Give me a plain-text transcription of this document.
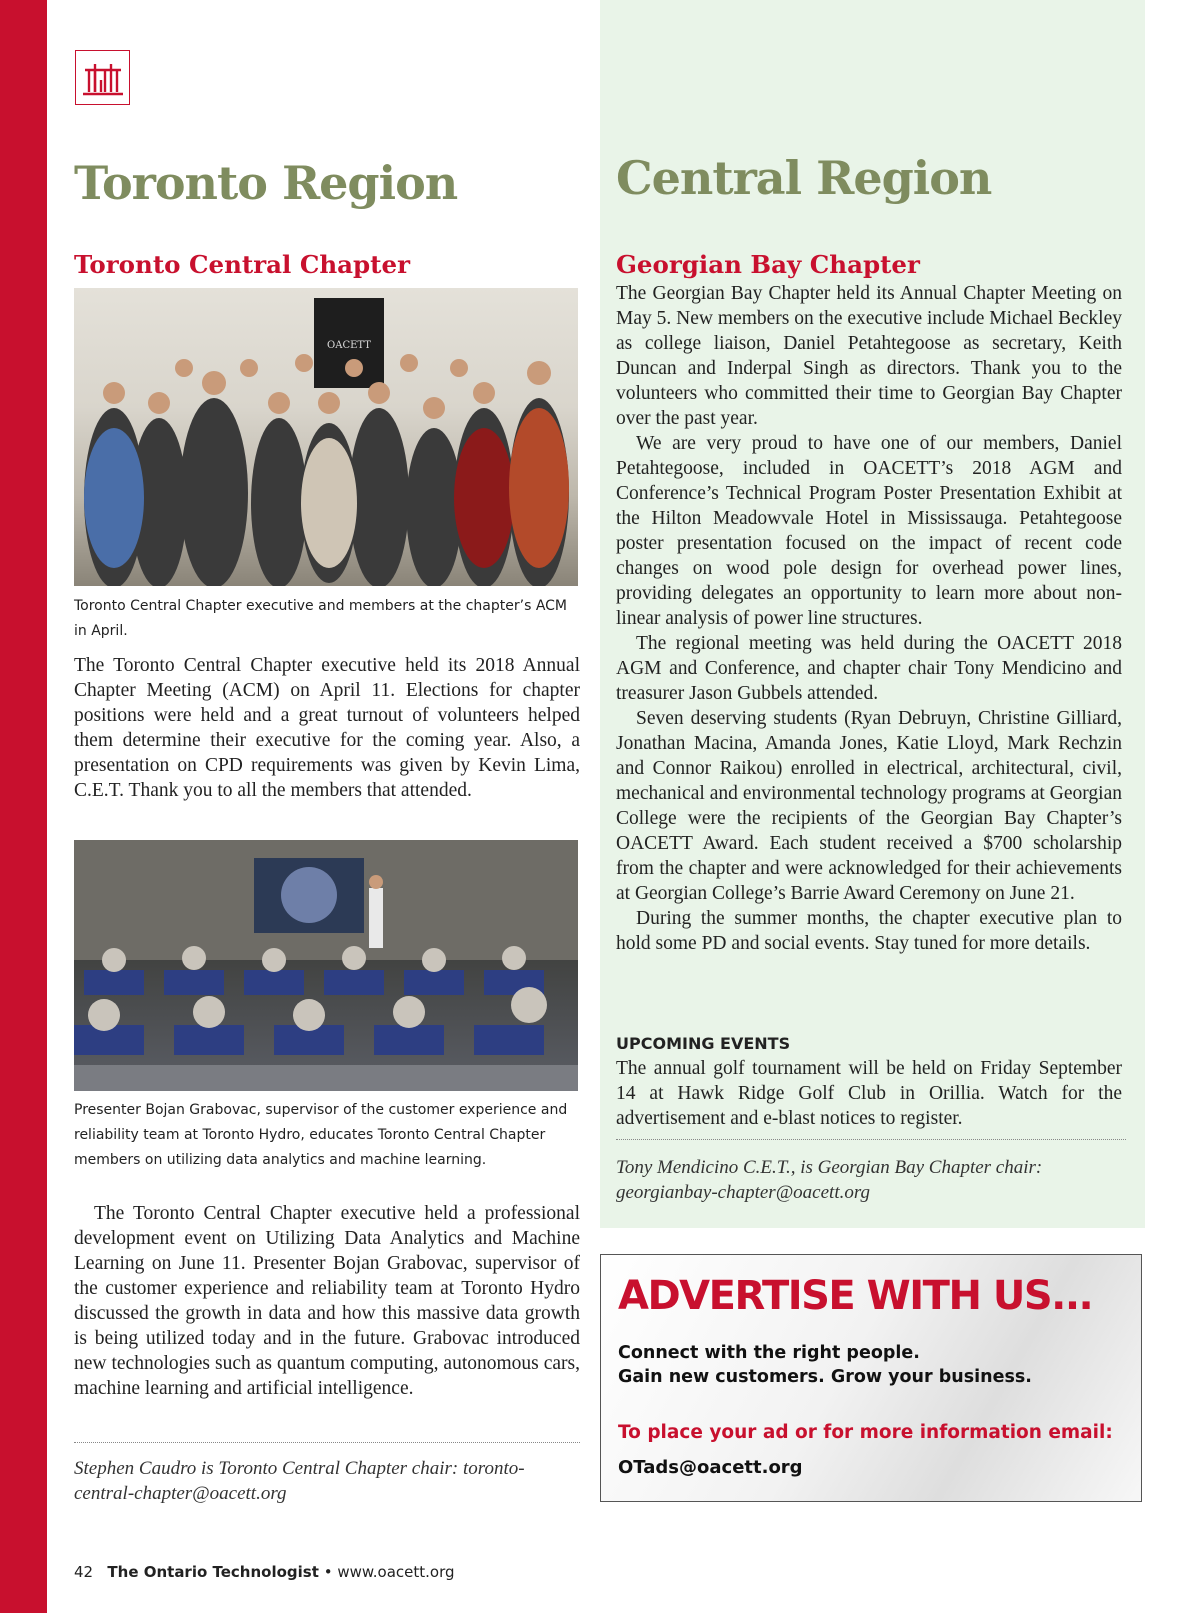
Toronto Region
Toronto Central Chapter
OACETT

Toronto Central Chapter executive and members at the chapter’s ACM in April.

The Toronto Central Chapter executive held its 2018 Annual Chapter Meeting (ACM) on April 11. Elections for chapter positions were held and a great turnout of volunteers helped them determine their executive for the coming year. Also, a presentation on CPD requirements was given by Kevin Lima, C.E.T. Thank you to all the members that attended.

Presenter Bojan Grabovac, supervisor of the customer experience and reliability team at Toronto Hydro, educates Toronto Central Chapter members on utilizing data analytics and machine learning.

The Toronto Central Chapter executive held a professional development event on Utilizing Data Analytics and Machine Learning on June 11. Presenter Bojan Grabovac, supervisor of the customer experience and reliability team at Toronto Hydro discussed the growth in data and how this massive data growth is being utilized today and in the future. Grabovac introduced new technologies such as quantum computing, autonomous cars, machine learning and artificial intelligence.

Stephen Caudro is Toronto Central Chapter chair: toronto-central-chapter@oacett.org

Central Region
Georgian Bay Chapter

The Georgian Bay Chapter held its Annual Chapter Meeting on May 5. New members on the executive include Michael Beckley as college liaison, Daniel Petahtegoose as secretary, Keith Duncan and Inderpal Singh as directors. Thank you to the volunteers who committed their time to Georgian Bay Chapter over the past year.

We are very proud to have one of our members, Daniel Petahtegoose, included in OACETT’s 2018 AGM and Conference’s Technical Program Poster Presentation Exhibit at the Hilton Meadowvale Hotel in Mississauga. Petahtegoose poster presentation focused on the impact of recent code changes on wood pole design for overhead power lines, providing delegates an opportunity to learn more about non-linear analysis of power line structures.

The regional meeting was held during the OACETT 2018 AGM and Conference, and chapter chair Tony Mendicino and treasurer Jason Gubbels attended.

Seven deserving students (Ryan Debruyn, Christine Gilliard, Jonathan Macina, Amanda Jones, Katie Lloyd, Mark Rechzin and Connor Raikou) enrolled in electrical, architectural, civil, mechanical and environmental technology programs at Georgian College were the recipients of the Georgian Bay Chapter’s OACETT Award. Each student received a $700 scholarship from the chapter and were acknowledged for their achievements at Georgian College’s Barrie Award Ceremony on June 21.

During the summer months, the chapter executive plan to hold some PD and social events. Stay tuned for more details.

UPCOMING EVENTS

The annual golf tournament will be held on Friday September 14 at Hawk Ridge Golf Club in Orillia. Watch for the advertisement and e-blast notices to register.

Tony Mendicino C.E.T., is Georgian Bay Chapter chair: georgianbay-chapter@oacett.org

ADVERTISE WITH US...

Connect with the right people.

Gain new customers. Grow your business.

To place your ad or for more information email:

OTads@oacett.org

42 The Ontario Technologist • www.oacett.org
